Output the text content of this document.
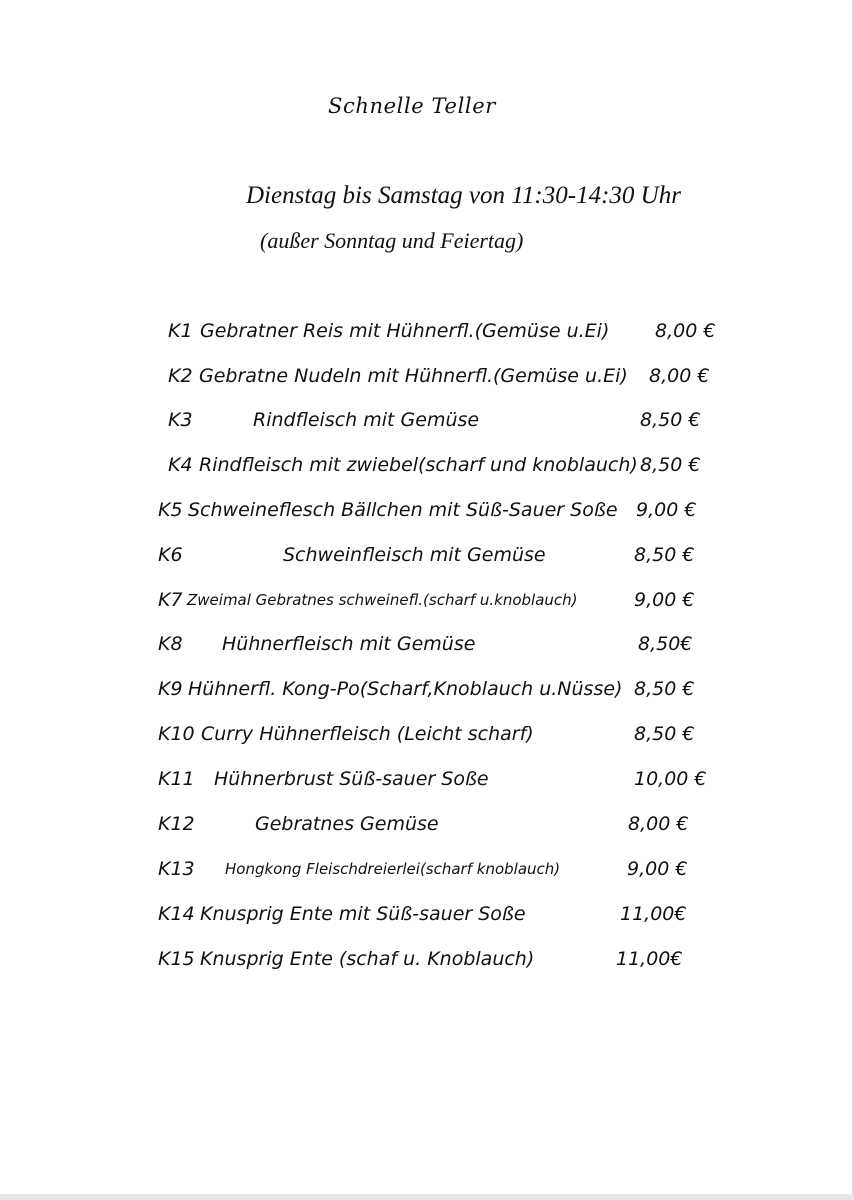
Schnelle Teller
Dienstag bis Samstag von 11:30-14:30 Uhr
(außer Sonntag und Feiertag)
K1 Gebratner Reis mit Hühnerfl.(Gemüse u.Ei) 8,00 €
K2 Gebratne Nudeln mit Hühnerfl.(Gemüse u.Ei) 8,00 €
K3	Rindfleisch mit Gemüse	8,50 €
K4 Rindfleisch mit zwiebel(scharf und knoblauch) 8,50 €
K5 Schweineflesch Bällchen mit Süß-Sauer Soße 9,00 €
K6	Schweinfleisch mit Gemüse	8,50 €
K7 Zweimal Gebratnes schweinefl.(scharf u.knoblauch)	9,00 €
K8 Hühnerfleisch mit Gemüse	8,50€
K9 Hühnerfl. Kong-Po(Scharf,Knoblauch u.Nüsse) 8,50 €
K10 Curry Hühnerfleisch (Leicht scharf)	8,50 €
K11 Hühnerbrust Süß-sauer Soße	10,00 €
K12	Gebratnes Gemüse	8,00 €
K13 Hongkong Fleischdreierlei(scharf knoblauch)	9,00 €
K14 Knusprig Ente mit Süß-sauer Soße	11,00€
K15 Knusprig Ente (schaf u. Knoblauch)	11,00€
